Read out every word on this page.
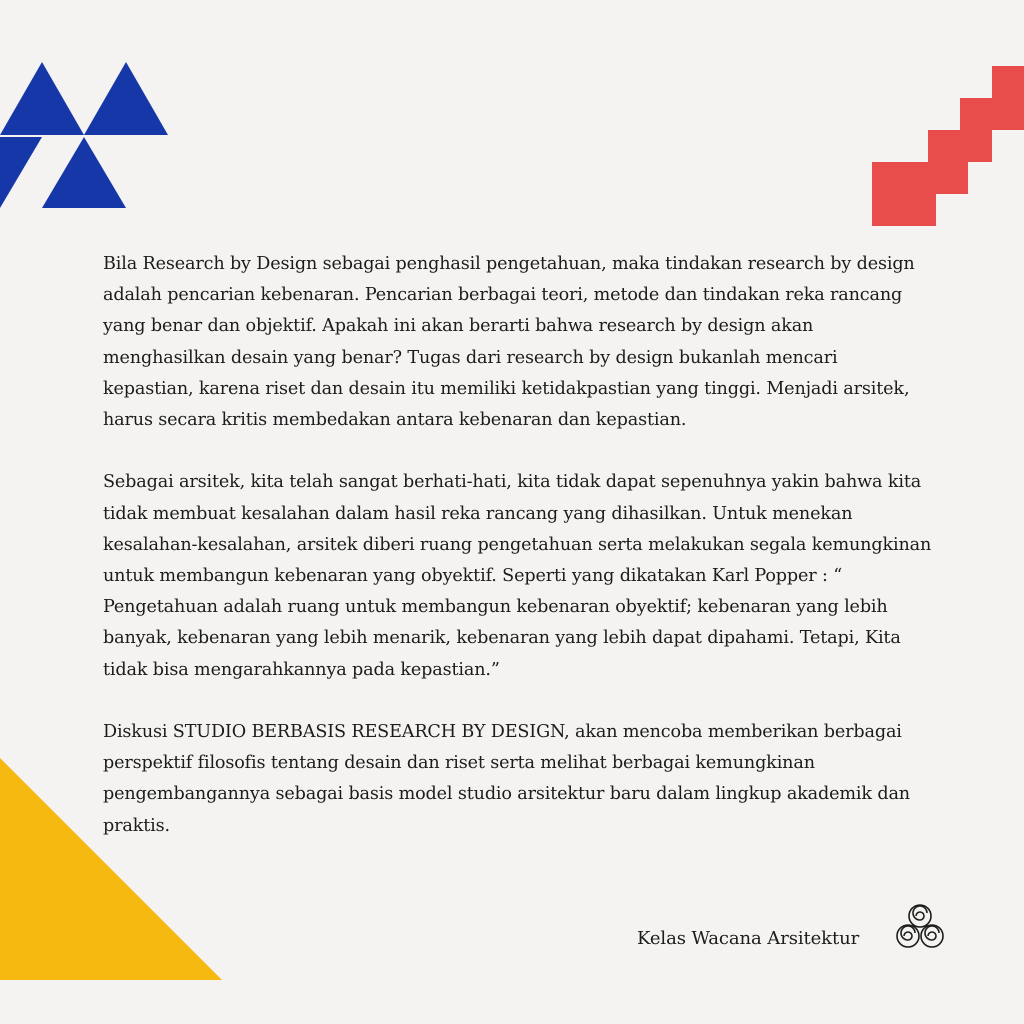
Bila Research by Design sebagai penghasil pengetahuan, maka tindakan research by design adalah pencarian kebenaran. Pencarian berbagai teori, metode dan tindakan reka rancang yang benar dan objektif. Apakah ini akan berarti bahwa research by design akan menghasilkan desain yang benar? Tugas dari research by design bukanlah mencari kepastian, karena riset dan desain itu memiliki ketidakpastian yang tinggi. Menjadi arsitek, harus secara kritis membedakan antara kebenaran dan kepastian.

Sebagai arsitek, kita telah sangat berhati-hati, kita tidak dapat sepenuhnya yakin bahwa kita tidak membuat kesalahan dalam hasil reka rancang yang dihasilkan. Untuk menekan kesalahan-kesalahan, arsitek diberi ruang pengetahuan serta melakukan segala kemungkinan untuk membangun kebenaran yang obyektif. Seperti yang dikatakan Karl Popper : “ Pengetahuan adalah ruang untuk membangun kebenaran obyektif; kebenaran yang lebih banyak, kebenaran yang lebih menarik, kebenaran yang lebih dapat dipahami. Tetapi, Kita tidak bisa mengarahkannya pada kepastian.”

Diskusi STUDIO BERBASIS RESEARCH BY DESIGN, akan mencoba memberikan berbagai perspektif filosofis tentang desain dan riset serta melihat berbagai kemungkinan pengembangannya sebagai basis model studio arsitektur baru dalam lingkup akademik dan praktis.

Kelas Wacana Arsitektur
